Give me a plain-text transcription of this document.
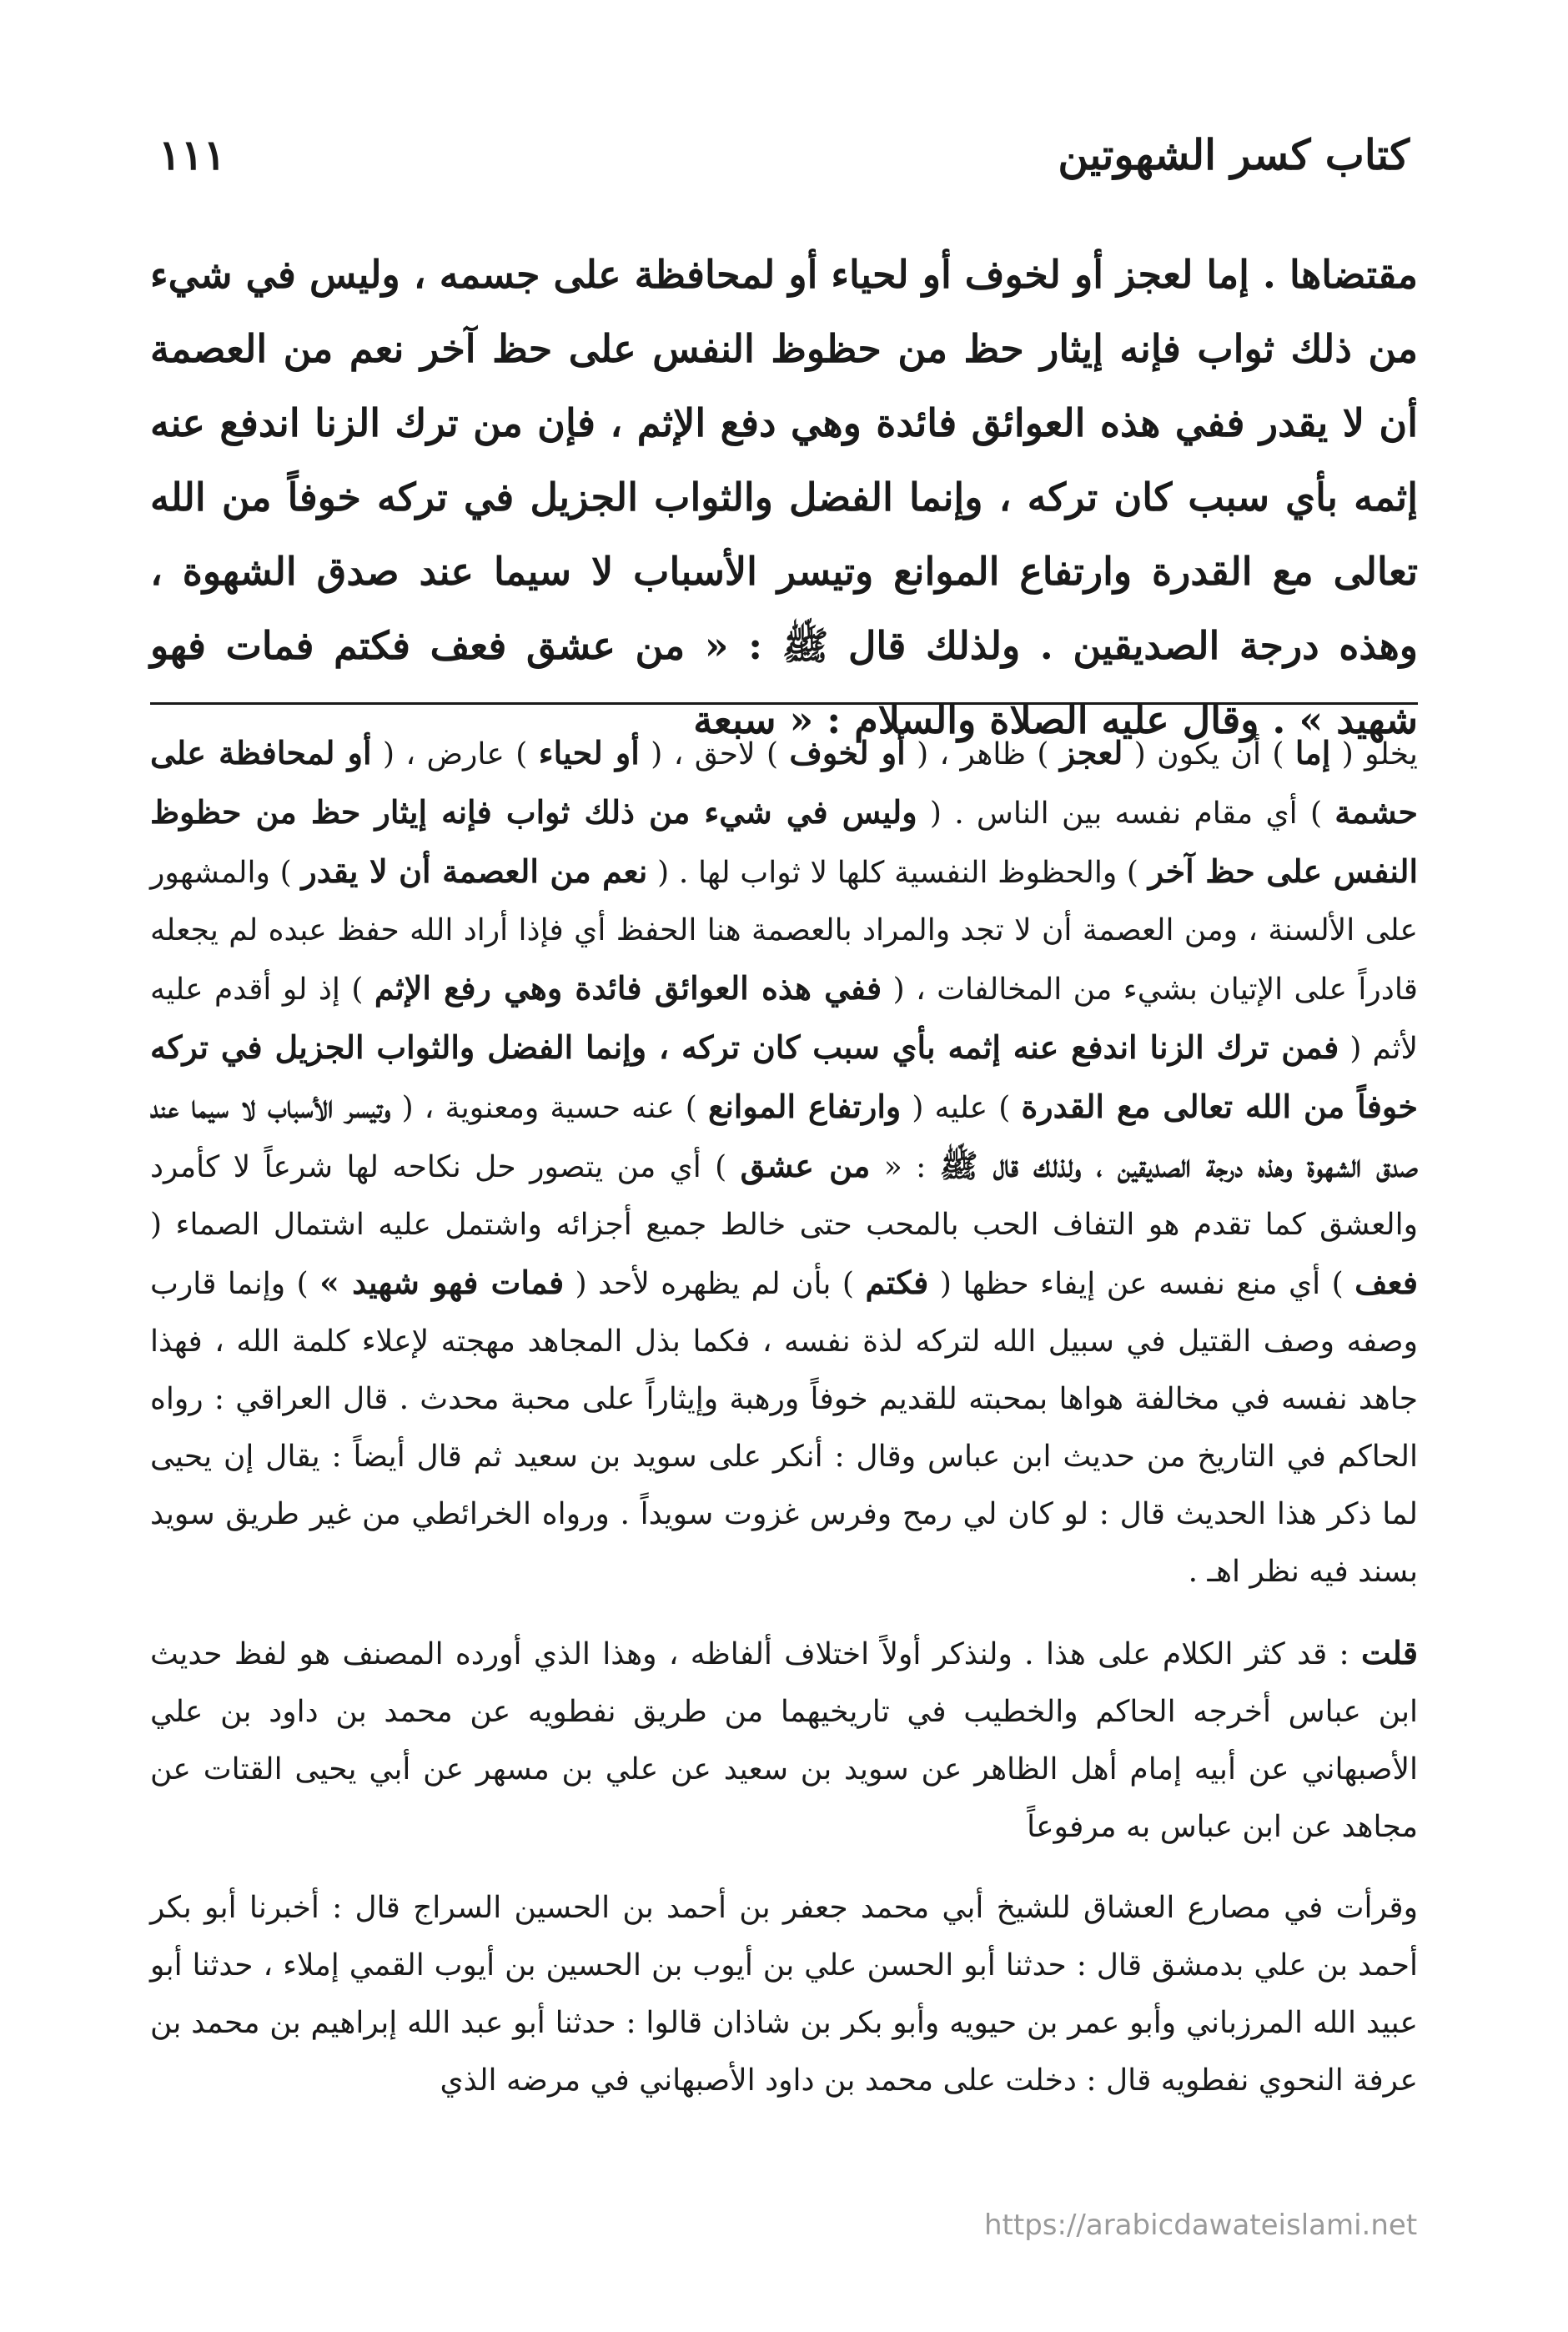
كتاب كسر الشهوتين
١١١

مقتضاها . إما لعجز أو لخوف أو لحياء أو لمحافظة على جسمه ، وليس في شيء من ذلك ثواب فإنه إيثار حظ من حظوظ النفس على حظ آخر نعم من العصمة أن لا يقدر ففي هذه العوائق فائدة وهي دفع الإثم ، فإن من ترك الزنا اندفع عنه إثمه بأي سبب كان تركه ، وإنما الفضل والثواب الجزيل في تركه خوفاً من الله تعالى مع القدرة وارتفاع الموانع وتيسر الأسباب لا سيما عند صدق الشهوة ، وهذه درجة الصديقين . ولذلك قال ﷺ : « من عشق فعف فكتم فمات فهو شهيد » . وقال عليه الصلاة والسلام : « سبعة

يخلو ( إما ) أن يكون ( لعجز ) ظاهر ، ( أو لخوف ) لاحق ، ( أو لحياء ) عارض ، ( أو لمحافظة على حشمة ) أي مقام نفسه بين الناس . ( وليس في شيء من ذلك ثواب فإنه إيثار حظ من حظوظ النفس على حظ آخر ) والحظوظ النفسية كلها لا ثواب لها . ( نعم من العصمة أن لا يقدر ) والمشهور على الألسنة ، ومن العصمة أن لا تجد والمراد بالعصمة هنا الحفظ أي فإذا أراد الله حفظ عبده لم يجعله قادراً على الإتيان بشيء من المخالفات ، ( ففي هذه العوائق فائدة وهي رفع الإثم ) إذ لو أقدم عليه لأثم ( فمن ترك الزنا اندفع عنه إثمه بأي سبب كان تركه ، وإنما الفضل والثواب الجزيل في تركه خوفاً من الله تعالى مع القدرة ) عليه ( وارتفاع الموانع ) عنه حسية ومعنوية ، ( وتيسر الأسباب لا سيما عند صدق الشهوة وهذه درجة الصديقين ، ولذلك قال ﷺ : « من عشق ) أي من يتصور حل نكاحه لها شرعاً لا كأمرد والعشق كما تقدم هو التفاف الحب بالمحب حتى خالط جميع أجزائه واشتمل عليه اشتمال الصماء ( فعف ) أي منع نفسه عن إيفاء حظها ( فكتم ) بأن لم يظهره لأحد ( فمات فهو شهيد » ) وإنما قارب وصفه وصف القتيل في سبيل الله لتركه لذة نفسه ، فكما بذل المجاهد مهجته لإعلاء كلمة الله ، فهذا جاهد نفسه في مخالفة هواها بمحبته للقديم خوفاً ورهبة وإيثاراً على محبة محدث . قال العراقي : رواه الحاكم في التاريخ من حديث ابن عباس وقال : أنكر على سويد بن سعيد ثم قال أيضاً : يقال إن يحيى لما ذكر هذا الحديث قال : لو كان لي رمح وفرس غزوت سويداً . ورواه الخرائطي من غير طريق سويد بسند فيه نظر اهـ .

قلت : قد كثر الكلام على هذا . ولنذكر أولاً اختلاف ألفاظه ، وهذا الذي أورده المصنف هو لفظ حديث ابن عباس أخرجه الحاكم والخطيب في تاريخيهما من طريق نفطويه عن محمد بن داود بن علي الأصبهاني عن أبيه إمام أهل الظاهر عن سويد بن سعيد عن علي بن مسهر عن أبي يحيى القتات عن مجاهد عن ابن عباس به مرفوعاً

وقرأت في مصارع العشاق للشيخ أبي محمد جعفر بن أحمد بن الحسين السراج قال : أخبرنا أبو بكر أحمد بن علي بدمشق قال : حدثنا أبو الحسن علي بن أيوب بن الحسين بن أيوب القمي إملاء ، حدثنا أبو عبيد الله المرزباني وأبو عمر بن حيويه وأبو بكر بن شاذان قالوا : حدثنا أبو عبد الله إبراهيم بن محمد بن عرفة النحوي نفطويه قال : دخلت على محمد بن داود الأصبهاني في مرضه الذي

https://arabicdawateislami.net
